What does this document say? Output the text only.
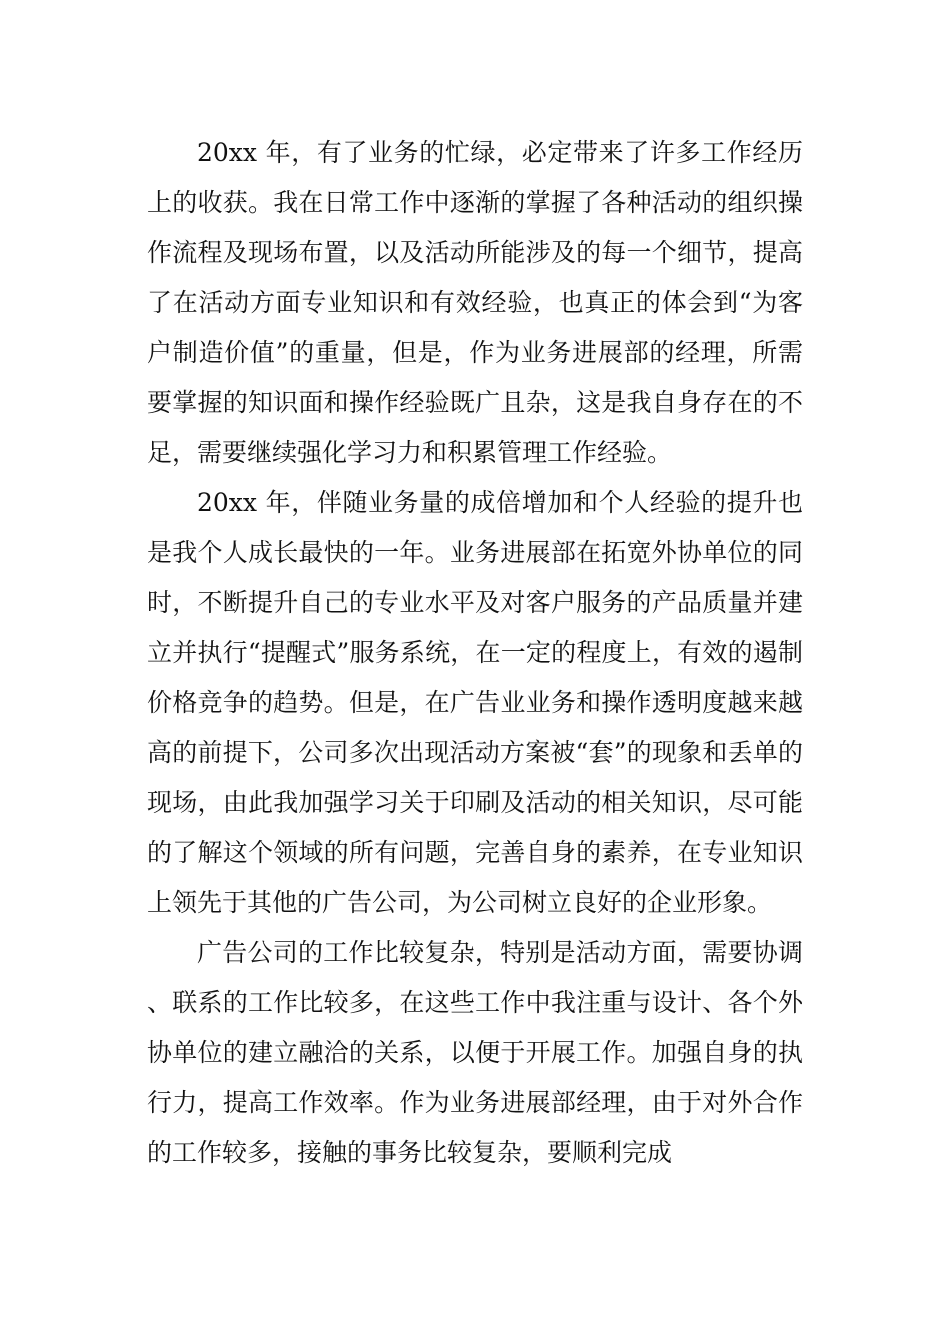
20xx 年，有了业务的忙绿，必定带来了许多工作经历上的收获。我在日常工作中逐渐的掌握了各种活动的组织操作流程及现场布置，以及活动所能涉及的每一个细节，提高了在活动方面专业知识和有效经验，也真正的体会到“为客户制造价值”的重量，但是，作为业务进展部的经理，所需要掌握的知识面和操作经验既广且杂，这是我自身存在的不足，需要继续强化学习力和积累管理工作经验。

20xx 年，伴随业务量的成倍增加和个人经验的提升也是我个人成长最快的一年。业务进展部在拓宽外协单位的同时，不断提升自己的专业水平及对客户服务的产品质量并建立并执行“提醒式”服务系统，在一定的程度上，有效的遏制价格竞争的趋势。但是，在广告业业务和操作透明度越来越高的前提下，公司多次出现活动方案被“套”的现象和丢单的现场，由此我加强学习关于印刷及活动的相关知识，尽可能的了解这个领域的所有问题，完善自身的素养，在专业知识上领先于其他的广告公司，为公司树立良好的企业形象。

广告公司的工作比较复杂，特别是活动方面，需要协调、联系的工作比较多，在这些工作中我注重与设计、各个外协单位的建立融洽的关系，以便于开展工作。加强自身的执行力，提高工作效率。作为业务进展部经理，由于对外合作的工作较多，接触的事务比较复杂，要顺利完成
